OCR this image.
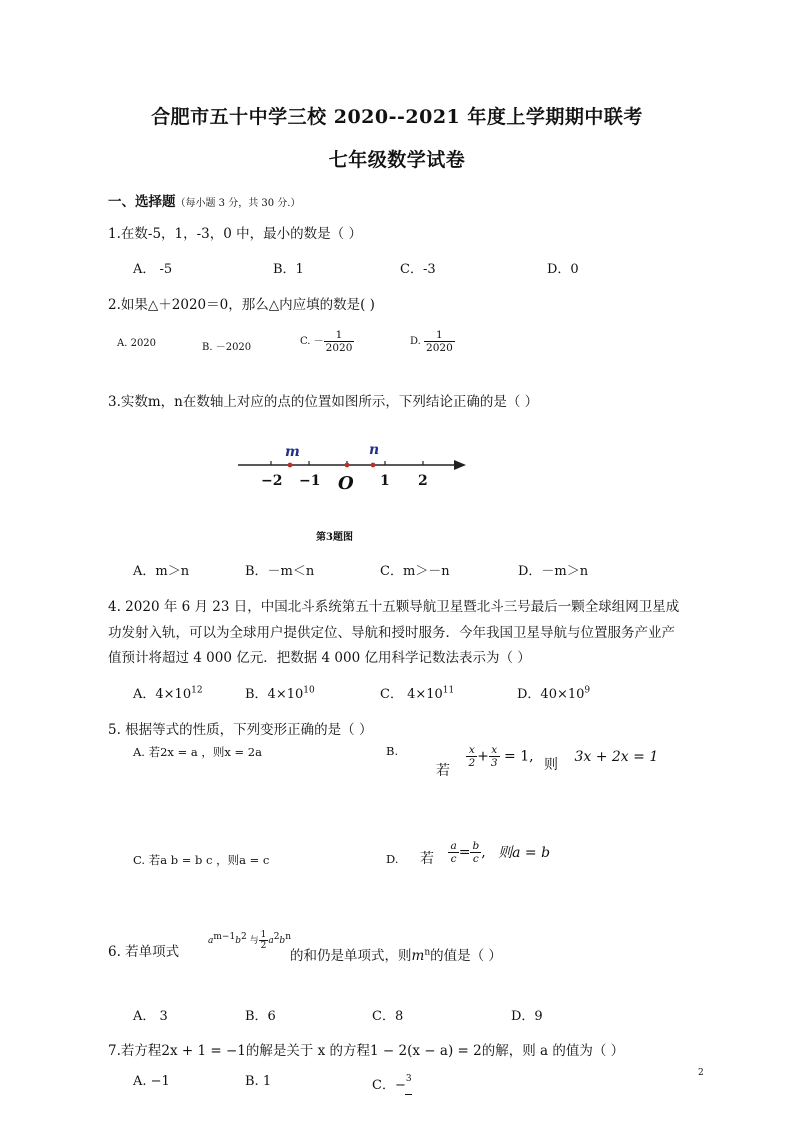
合肥市五十中学三校 2020--2021 年度上学期期中联考
七年级数学试卷
一、选择题（每小题 3 分，共 30 分.）
1.在数-5，1，-3，0 中，最小的数是（ ）
A． -5	B．1	C．-3	D．0
2.如果△＋2020＝0，那么△内应填的数是( )
A. 2020	B. －2020
C. － $\frac{1}{2020}$	D. $\frac{1}{2020}$
3.实数m，n在数轴上对应的点的位置如图所示，下列结论正确的是（ ）
m	n
−2 −1 O 1 2
第3题图
A．m＞n	B．－m＜n	C．m＞－n	D．－m＞n
4. 2020 年 6 月 23 日，中国北斗系统第五十五颗导航卫星暨北斗三号最后一颗全球组网卫星成
功发射入轨，可以为全球用户提供定位、导航和授时服务．今年我国卫星导航与位置服务产业产
值预计将超过 4 000 亿元．把数据 4 000 亿用科学记数法表示为（ ）
A．$4\times 10^{12}$	B．$4\times 10^{10}$	C． $4\times 10^{11}$	D．$40\times 10^9$
5. 根据等式的性质，下列变形正确的是（ ）
A. 若2x = a ，则x = 2a	B.
若
$\frac{x}{2} + \frac{x}{3} = 1$, 则 3x + 2x = 1
C. 若a b = b c ，则a = c	D. 若 $\frac{a}{c} = \frac{b}{c}$ , 则a = b
6. 若单项式
$a^{m-1}b^2$ 与 $\frac{1}{2} a^2b^n$
的和仍是单项式，则$m^n$的值是（ ）
A． 3	B．6	C．8	D．9
7.若方程2x + 1 = −1的解是关于 x 的方程1 − 2(x − a) = 2的解，则 a 的值为（ ）
A. −1	B. 1	C．−$^3$
2
